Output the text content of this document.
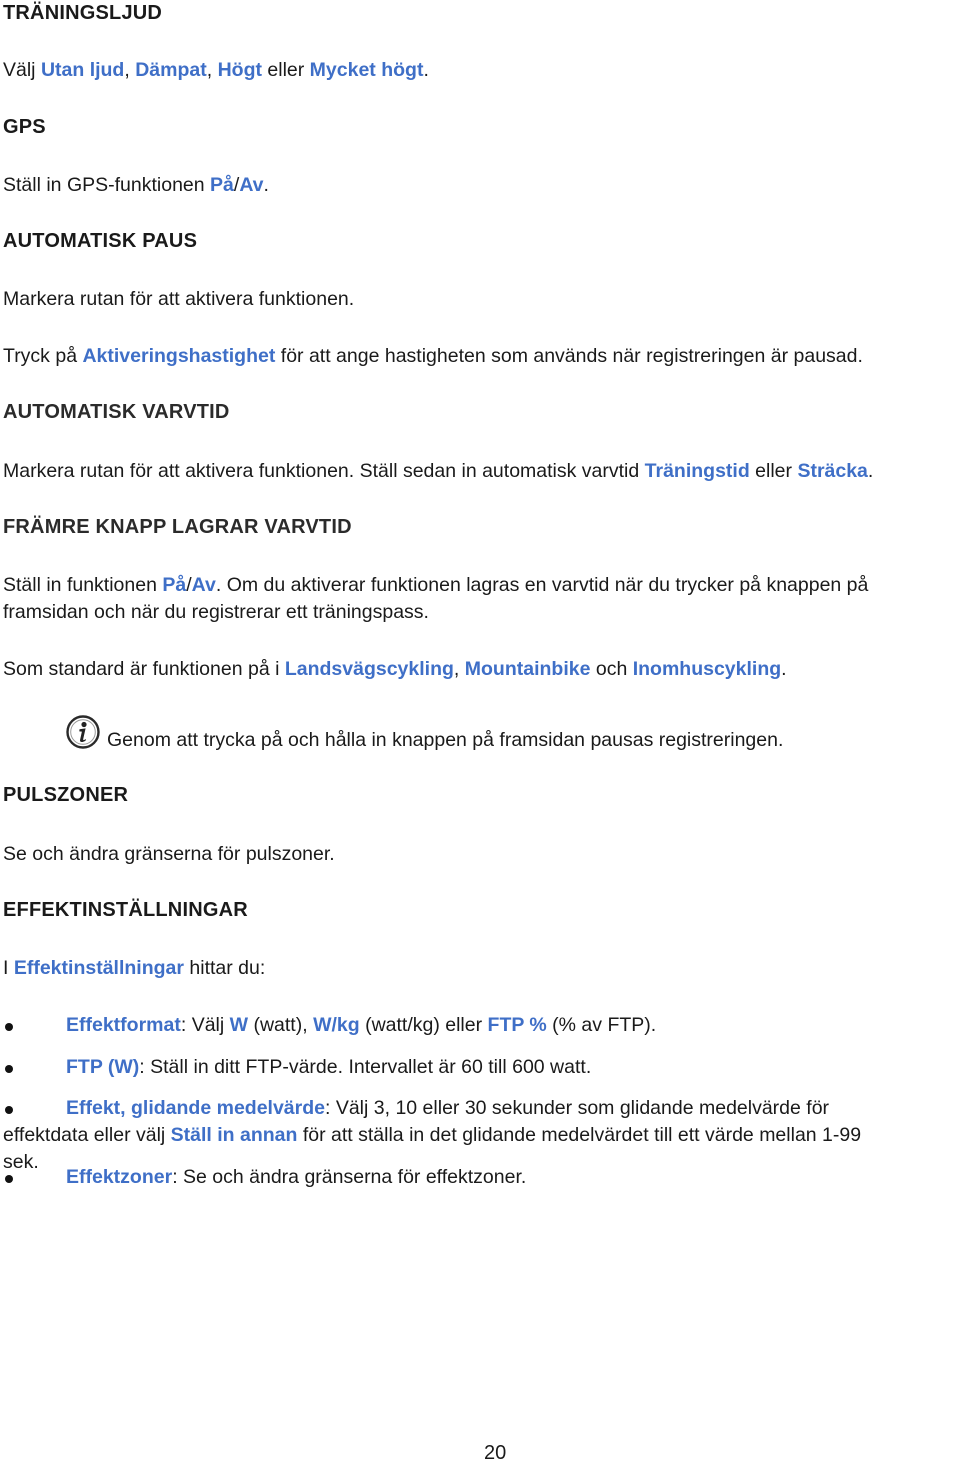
TRÄNINGSLJUD
Välj Utan ljud, Dämpat, Högt eller Mycket högt.
GPS
Ställ in GPS-funktionen På/Av.
AUTOMATISK PAUS
Markera rutan för att aktivera funktionen.
Tryck på Aktiveringshastighet för att ange hastigheten som används när registreringen är pausad.
AUTOMATISK VARVTID
Markera rutan för att aktivera funktionen. Ställ sedan in automatisk varvtid Träningstid eller Sträcka.
FRÄMRE KNAPP LAGRAR VARVTID
Ställ in funktionen På/Av. Om du aktiverar funktionen lagras en varvtid när du trycker på knappen på framsidan och när du registrerar ett träningspass.
Som standard är funktionen på i Landsvägscykling, Mountainbike och Inomhuscykling.
Genom att trycka på och hålla in knappen på framsidan pausas registreringen.
PULSZONER
Se och ändra gränserna för pulszoner.
EFFEKTINSTÄLLNINGAR
I Effektinställningar hittar du:
Effektformat: Välj W (watt), W/kg (watt/kg) eller FTP % (% av FTP).
FTP (W): Ställ in ditt FTP-värde. Intervallet är 60 till 600 watt.
Effekt, glidande medelvärde: Välj 3, 10 eller 30 sekunder som glidande medelvärde för effektdata eller välj Ställ in annan för att ställa in det glidande medelvärdet till ett värde mellan 1-99 sek.
Effektzoner: Se och ändra gränserna för effektzoner.
20
